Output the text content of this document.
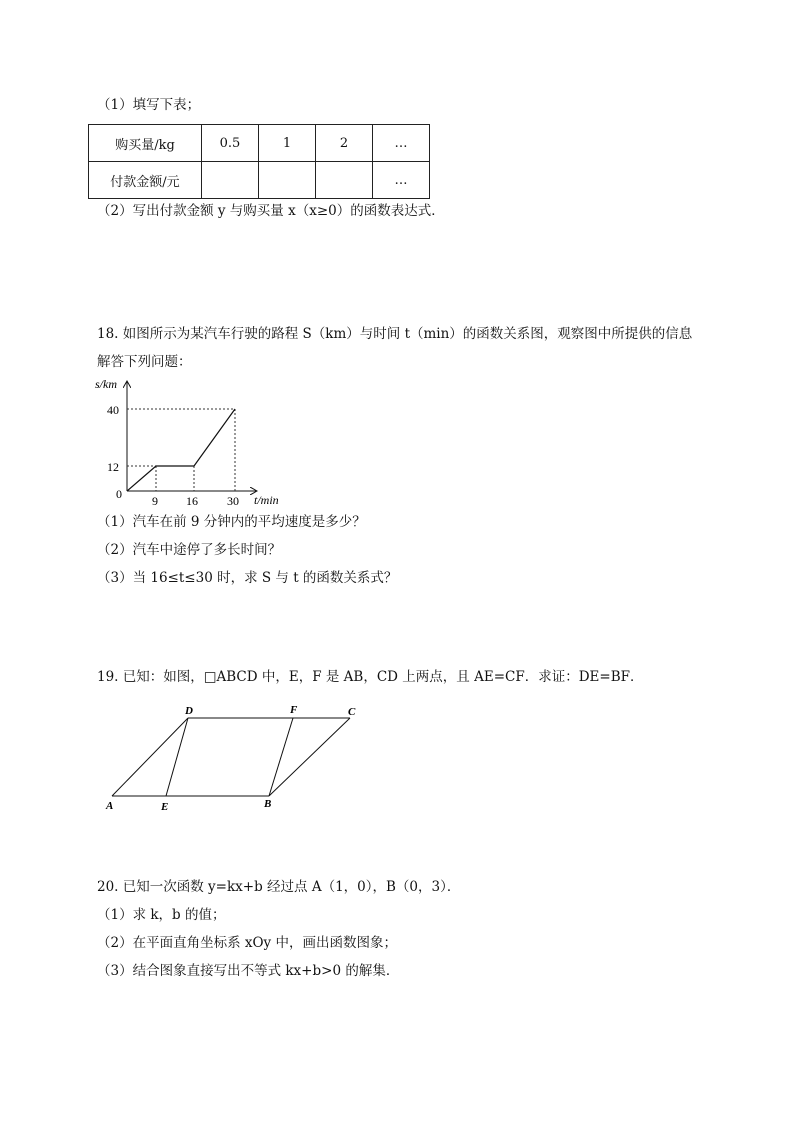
（1）填写下表；
购买量/kg	0.5	1	2	…
付款金额/元				…
（2）写出付款金额 y 与购买量 x（x≥0）的函数表达式．
18. 如图所示为某汽车行驶的路程 S（km）与时间 t（min）的函数关系图，观察图中所提供的信息
解答下列问题：
s/km
t/min
0
12
40
9 16 30
（1）汽车在前 9 分钟内的平均速度是多少？
（2）汽车中途停了多长时间？
（3）当 16≤t≤30 时，求 S 与 t 的函数关系式？
19. 已知：如图，□ABCD 中，E，F 是 AB，CD 上两点，且 AE=CF．求证：DE=BF．
A	E	B
D	F	C
20. 已知一次函数 y=kx+b 经过点 A（1，0），B（0，3）．
（1）求 k，b 的值；
（2）在平面直角坐标系 xOy 中，画出函数图象；
（3）结合图象直接写出不等式 kx+b>0 的解集．
